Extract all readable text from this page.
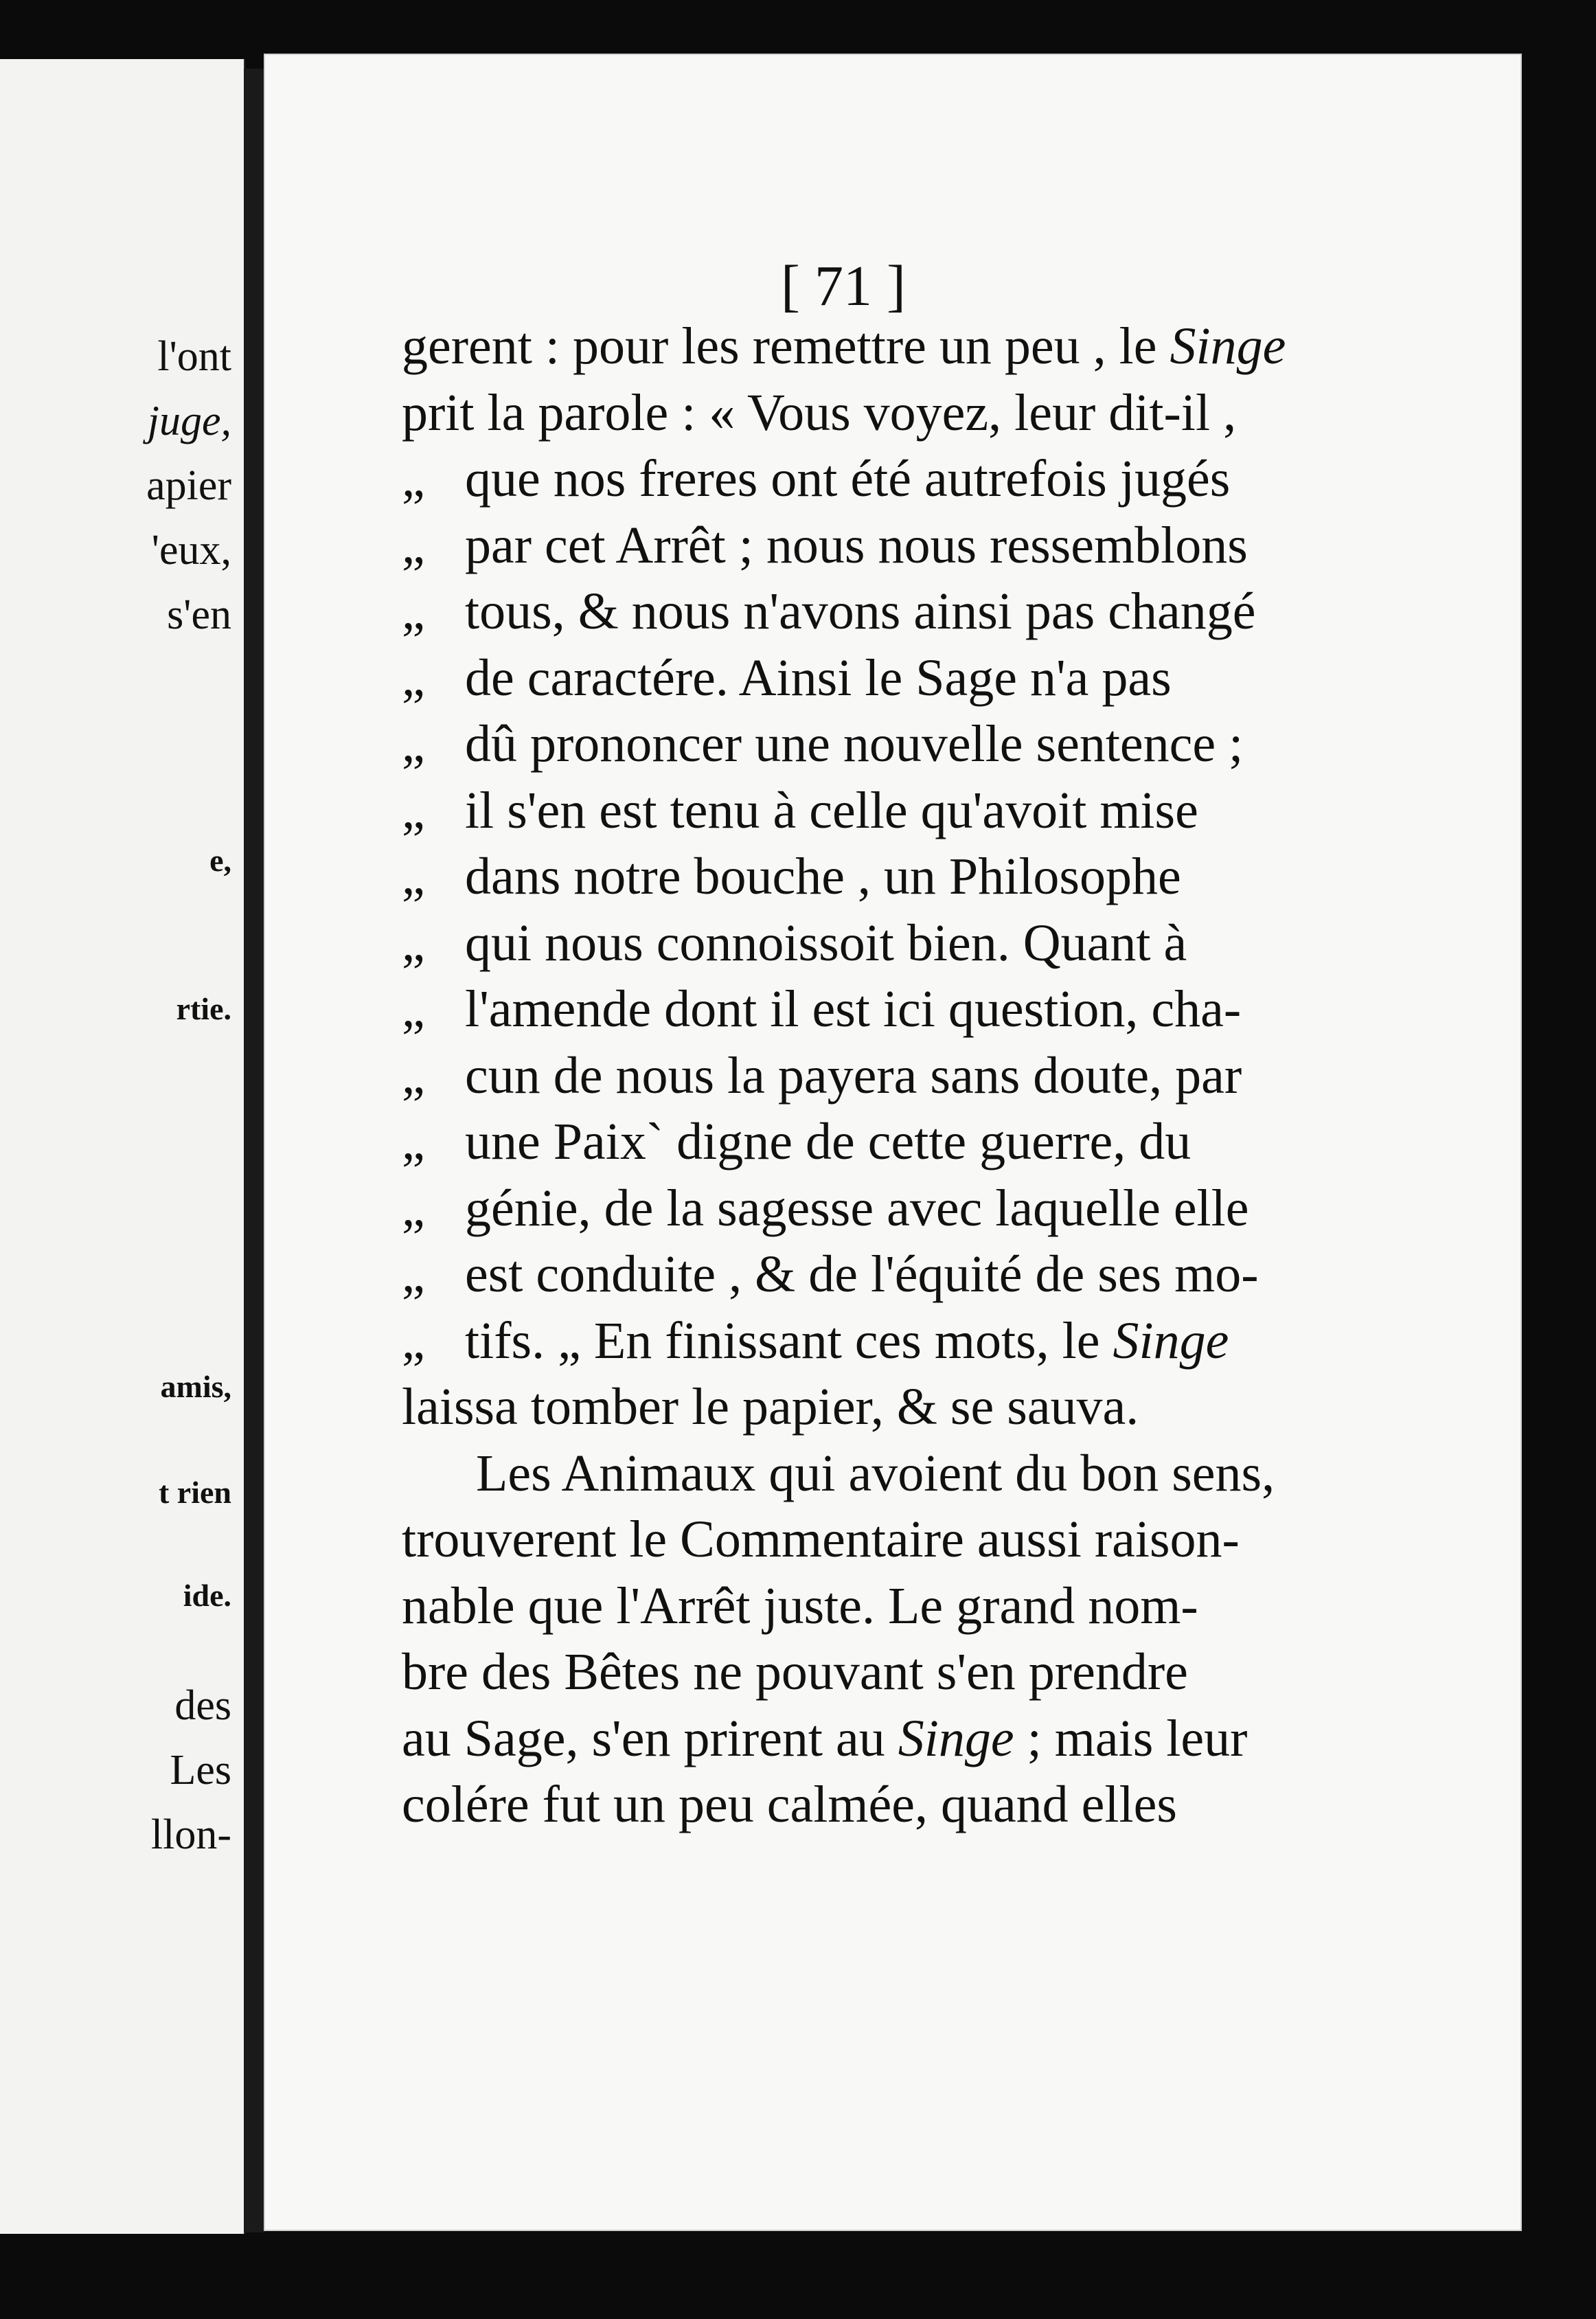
l'ont

juge,

apier

'eux,

s'en

e,

rtie.

amis,

t rien

ide.

des

Les

llon-

[ 71 ]

gerent : pour les remettre un peu , le Singe
prit la parole : « Vous voyez, leur dit-il ,
„ que nos freres ont été autrefois jugés
„ par cet Arrêt ; nous nous ressemblons
„ tous, & nous n'avons ainsi pas changé
„ de caractére. Ainsi le Sage n'a pas
„ dû prononcer une nouvelle sentence ;
„ il s'en est tenu à celle qu'avoit mise
„ dans notre bouche , un Philosophe
„ qui nous connoissoit bien. Quant à
„ l'amende dont il est ici question, cha-
„ cun de nous la payera sans doute, par
„ une Paix` digne de cette guerre, du
„ génie, de la sagesse avec laquelle elle
„ est conduite , & de l'équité de ses mo-
„ tifs. „ En finissant ces mots, le Singe
laissa tomber le papier, & se sauva.
Les Animaux qui avoient du bon sens,
trouverent le Commentaire aussi raison-
nable que l'Arrêt juste. Le grand nom-
bre des Bêtes ne pouvant s'en prendre
au Sage, s'en prirent au Singe ; mais leur
colére fut un peu calmée, quand elles
